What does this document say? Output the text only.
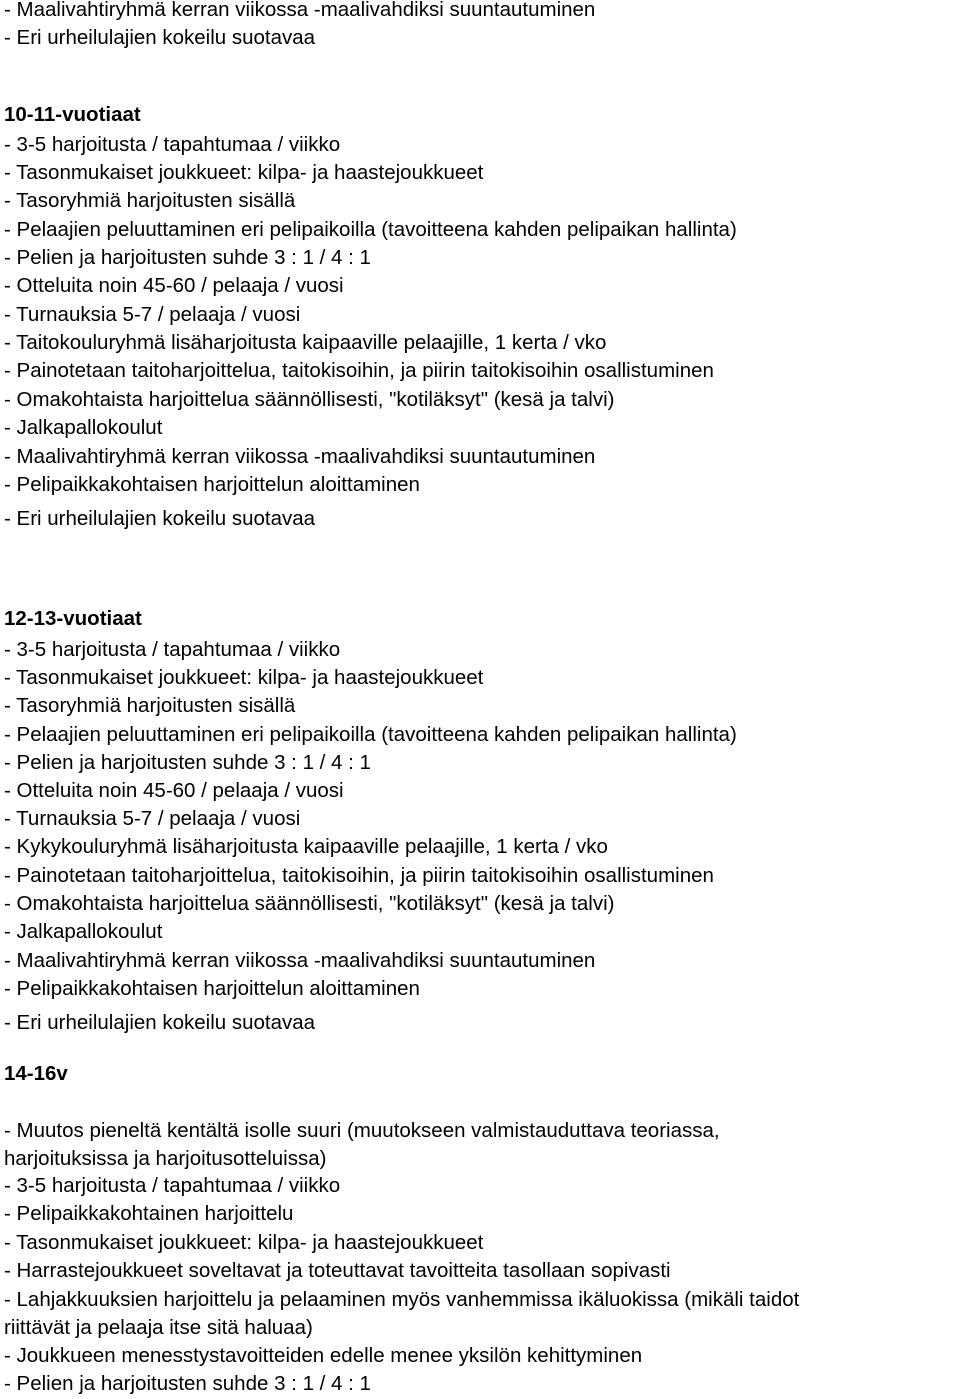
- Maalivahtiryhmä kerran viikossa -maalivahdiksi suuntautuminen
- Eri urheilulajien kokeilu suotavaa
10-11-vuotiaat
- 3-5 harjoitusta / tapahtumaa / viikko
- Tasonmukaiset joukkueet: kilpa- ja haastejoukkueet
- Tasoryhmiä harjoitusten sisällä
- Pelaajien peluuttaminen eri pelipaikoilla (tavoitteena kahden pelipaikan hallinta)
- Pelien ja harjoitusten suhde 3 : 1 / 4 : 1
- Otteluita noin 45-60 / pelaaja / vuosi
- Turnauksia 5-7 / pelaaja / vuosi
- Taitokouluryhmä lisäharjoitusta kaipaaville pelaajille, 1 kerta / vko
- Painotetaan taitoharjoittelua, taitokisoihin, ja piirin taitokisoihin osallistuminen
- Omakohtaista harjoittelua säännöllisesti, "kotiläksyt" (kesä ja talvi)
- Jalkapallokoulut
- Maalivahtiryhmä kerran viikossa -maalivahdiksi suuntautuminen
- Pelipaikkakohtaisen harjoittelun aloittaminen
- Eri urheilulajien kokeilu suotavaa
12-13-vuotiaat
- 3-5 harjoitusta / tapahtumaa / viikko
- Tasonmukaiset joukkueet: kilpa- ja haastejoukkueet
- Tasoryhmiä harjoitusten sisällä
- Pelaajien peluuttaminen eri pelipaikoilla (tavoitteena kahden pelipaikan hallinta)
- Pelien ja harjoitusten suhde 3 : 1 / 4 : 1
- Otteluita noin 45-60 / pelaaja / vuosi
- Turnauksia 5-7 / pelaaja / vuosi
- Kykykouluryhmä lisäharjoitusta kaipaaville pelaajille, 1 kerta / vko
- Painotetaan taitoharjoittelua, taitokisoihin, ja piirin taitokisoihin osallistuminen
- Omakohtaista harjoittelua säännöllisesti, "kotiläksyt" (kesä ja talvi)
- Jalkapallokoulut
- Maalivahtiryhmä kerran viikossa -maalivahdiksi suuntautuminen
- Pelipaikkakohtaisen harjoittelun aloittaminen
- Eri urheilulajien kokeilu suotavaa
14-16v
- Muutos pieneltä kentältä isolle suuri (muutokseen valmistauduttava teoriassa,
harjoituksissa ja harjoitusotteluissa)
- 3-5 harjoitusta / tapahtumaa / viikko
- Pelipaikkakohtainen harjoittelu
- Tasonmukaiset joukkueet: kilpa- ja haastejoukkueet
- Harrastejoukkueet soveltavat ja toteuttavat tavoitteita tasollaan sopivasti
- Lahjakkuuksien harjoittelu ja pelaaminen myös vanhemmissa ikäluokissa (mikäli taidot
riittävät ja pelaaja itse sitä haluaa)
- Joukkueen menesstystavoitteiden edelle menee yksilön kehittyminen
- Pelien ja harjoitusten suhde 3 : 1 / 4 : 1
